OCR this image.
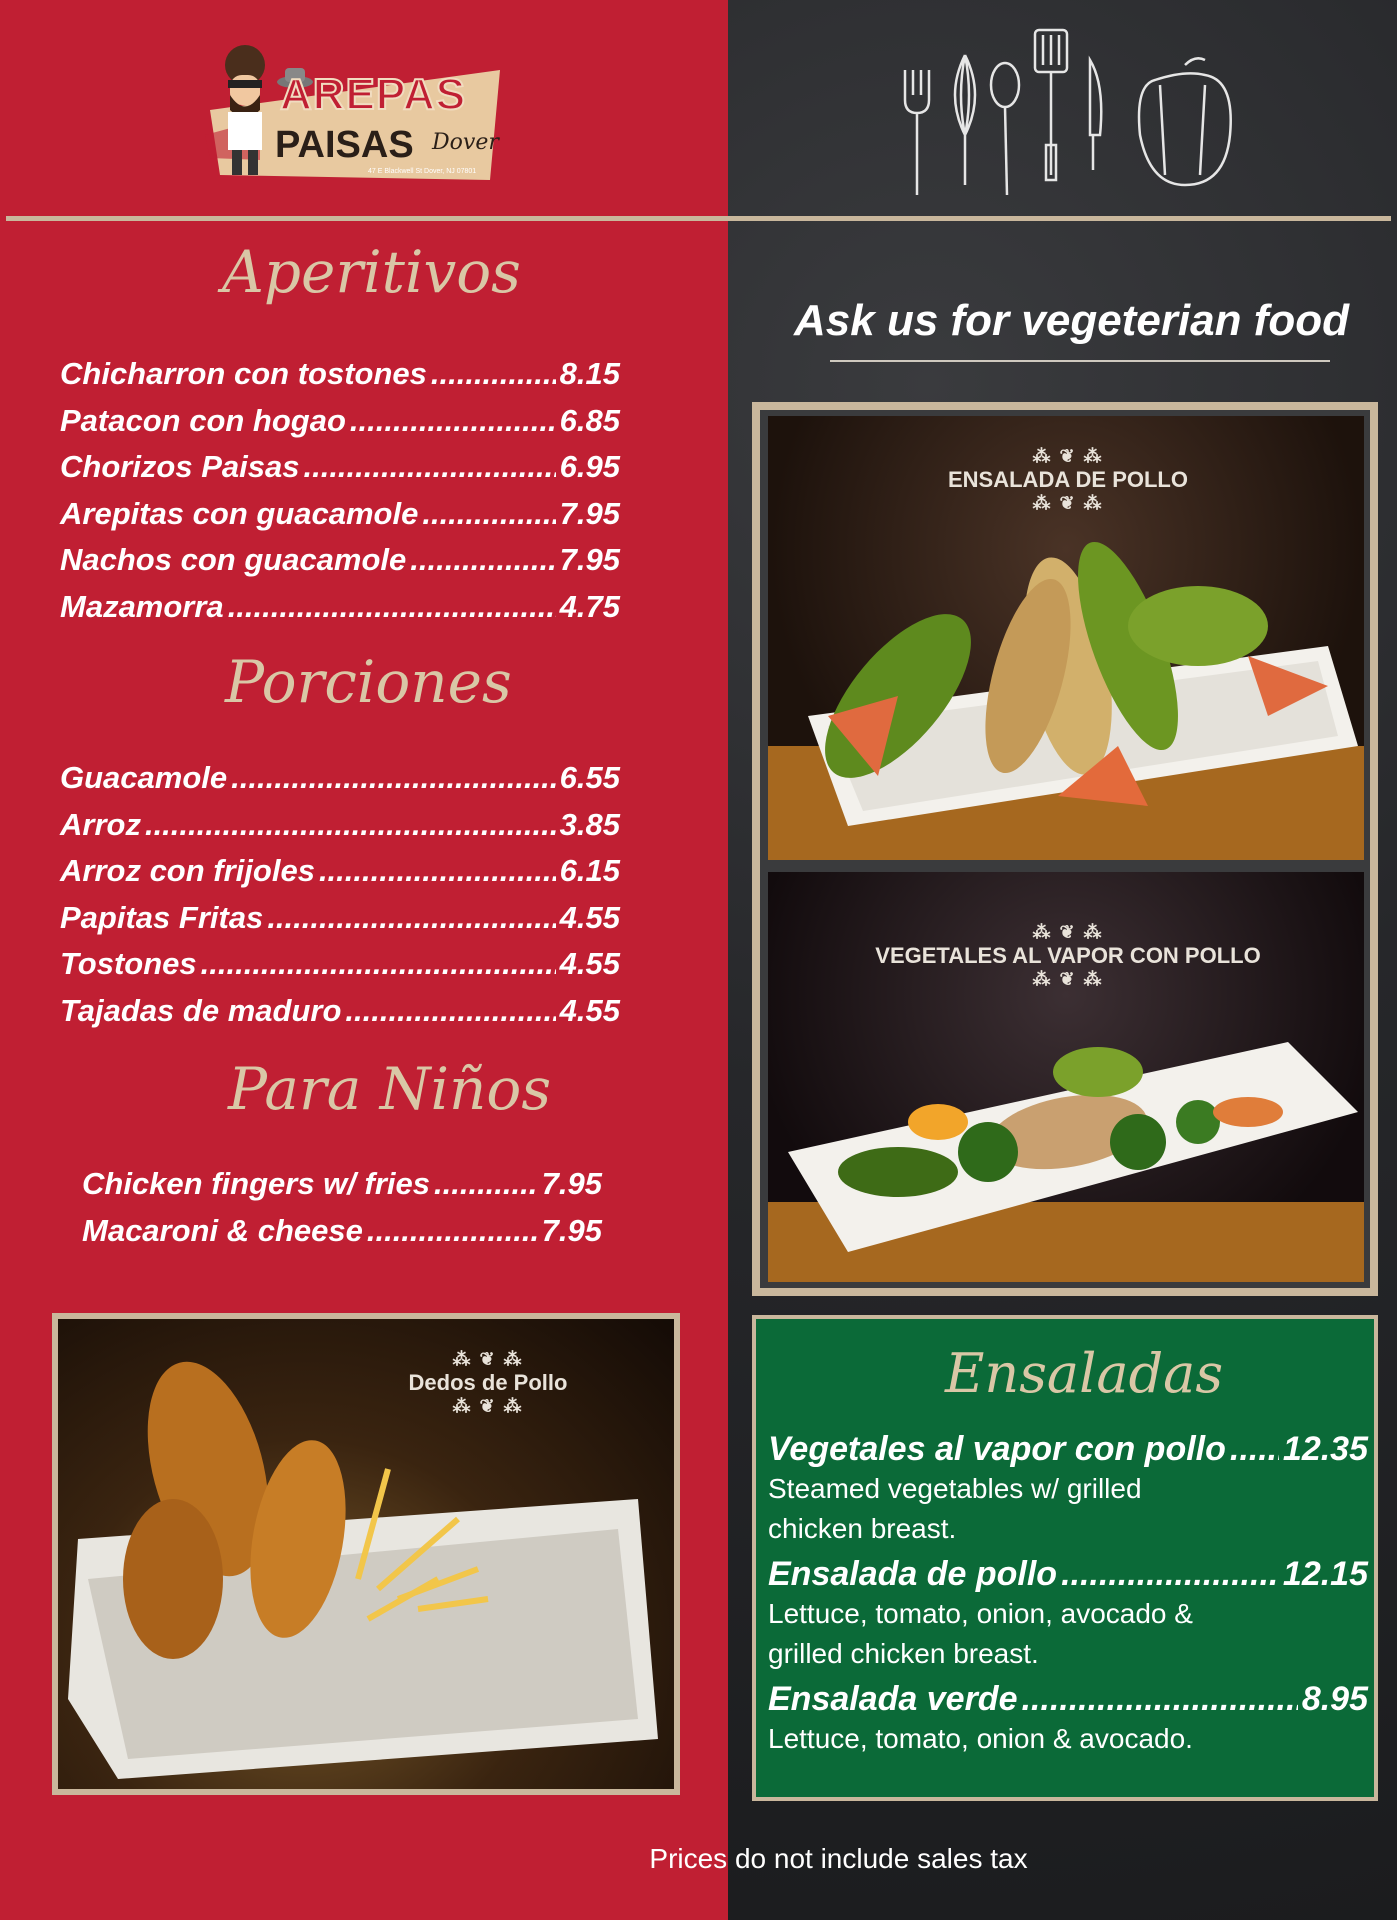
AREPAS
PAISAS Dover
47 E Blackwell St Dover, NJ 07801
Aperitivos
Chicharron con tostones .....	8.15
Patacon con hogao .....	6.85
Chorizos Paisas .....	6.95
Arepitas con guacamole .....	7.95
Nachos con guacamole .....	7.95
Mazamorra .....	4.75
Porciones
Guacamole .....	6.55
Arroz .....	3.85
Arroz con frijoles .....	6.15
Papitas Fritas .....	4.55
Tostones .....	4.55
Tajadas de maduro .....	4.55
Para Niños
Chicken fingers w/ fries .....	7.95
Macaroni & cheese .....	7.95
⁂ ❦ ⁂
Dedos de Pollo
⁂ ❦ ⁂
Ask us for vegeterian food
⁂ ❦ ⁂
ENSALADA DE POLLO
⁂ ❦ ⁂
⁂ ❦ ⁂
VEGETALES AL VAPOR CON POLLO
⁂ ❦ ⁂
Ensaladas
Vegetales al vapor con pollo ..... 12.35
Steamed vegetables w/ grilled chicken breast.
Ensalada de pollo .....	12.15
Lettuce, tomato, onion, avocado & grilled chicken breast.
Ensalada verde .....	8.95
Lettuce, tomato, onion & avocado.
Prices do not include sales tax
